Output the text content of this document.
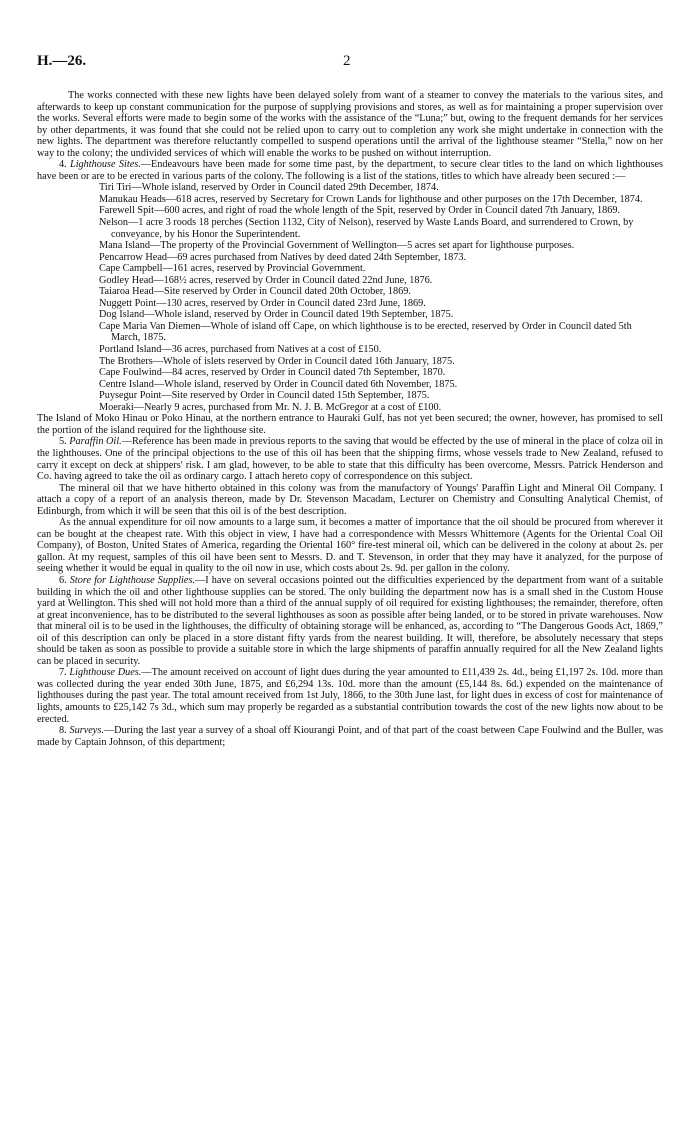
H.—26.	2

The works connected with these new lights have been delayed solely from want of a steamer to convey the materials to the various sites, and afterwards to keep up constant communication for the purpose of supplying provisions and stores, as well as for maintaining a proper supervision over the works. Several efforts were made to begin some of the works with the assistance of the “Luna;” but, owing to the frequent demands for her services by other departments, it was found that she could not be relied upon to carry out to completion any work she might undertake in connection with the new lights. The department was therefore reluctantly compelled to suspend operations until the arrival of the lighthouse steamer “Stella,” now on her way to the colony; the undivided services of which will enable the works to be pushed on without interruption.

4. Lighthouse Sites.—Endeavours have been made for some time past, by the department, to secure clear titles to the land on which lighthouses have been or are to be erected in various parts of the colony. The following is a list of the stations, titles to which have already been secured :—

Tiri Tiri—Whole island, reserved by Order in Council dated 29th December, 1874.

Manukau Heads—618 acres, reserved by Secretary for Crown Lands for lighthouse and other purposes on the 17th December, 1874.

Farewell Spit—600 acres, and right of road the whole length of the Spit, reserved by Order in Council dated 7th January, 1869.

Nelson—1 acre 3 roods 18 perches (Section 1132, City of Nelson), reserved by Waste Lands Board, and surrendered to Crown, by conveyance, by his Honor the Superintendent.

Mana Island—The property of the Provincial Government of Wellington—5 acres set apart for lighthouse purposes.

Pencarrow Head—69 acres purchased from Natives by deed dated 24th September, 1873.

Cape Campbell—161 acres, reserved by Provincial Government.

Godley Head—168½ acres, reserved by Order in Council dated 22nd June, 1876.

Taiaroa Head—Site reserved by Order in Council dated 20th October, 1869.

Nuggett Point—130 acres, reserved by Order in Council dated 23rd June, 1869.

Dog Island—Whole island, reserved by Order in Council dated 19th September, 1875.

Cape Maria Van Diemen—Whole of island off Cape, on which lighthouse is to be erected, reserved by Order in Council dated 5th March, 1875.

Portland Island—36 acres, purchased from Natives at a cost of £150.

The Brothers—Whole of islets reserved by Order in Council dated 16th January, 1875.

Cape Foulwind—84 acres, reserved by Order in Council dated 7th September, 1870.

Centre Island—Whole island, reserved by Order in Council dated 6th November, 1875.

Puysegur Point—Site reserved by Order in Council dated 15th September, 1875.

Moeraki—Nearly 9 acres, purchased from Mr. N. J. B. McGregor at a cost of £100.

The Island of Moko Hinau or Poko Hinau, at the northern entrance to Hauraki Gulf, has not yet been secured; the owner, however, has promised to sell the portion of the island required for the lighthouse site.

5. Paraffin Oil.—Reference has been made in previous reports to the saving that would be effected by the use of mineral in the place of colza oil in the lighthouses. One of the principal objections to the use of this oil has been that the shipping firms, whose vessels trade to New Zealand, refused to carry it except on deck at shippers' risk. I am glad, however, to be able to state that this difficulty has been overcome, Messrs. Patrick Henderson and Co. having agreed to take the oil as ordinary cargo. I attach hereto copy of correspondence on this subject.

The mineral oil that we have hitherto obtained in this colony was from the manufactory of Youngs' Paraffin Light and Mineral Oil Company. I attach a copy of a report of an analysis thereon, made by Dr. Stevenson Macadam, Lecturer on Chemistry and Consulting Analytical Chemist, of Edinburgh, from which it will be seen that this oil is of the best description.

As the annual expenditure for oil now amounts to a large sum, it becomes a matter of importance that the oil should be procured from wherever it can be bought at the cheapest rate. With this object in view, I have had a correspondence with Messrs Whittemore (Agents for the Oriental Coal Oil Company), of Boston, United States of America, regarding the Oriental 160° fire-test mineral oil, which can be delivered in the colony at about 2s. per gallon. At my request, samples of this oil have been sent to Messrs. D. and T. Stevenson, in order that they may have it analyzed, for the purpose of seeing whether it would be equal in quality to the oil now in use, which costs about 2s. 9d. per gallon in the colony.

6. Store for Lighthouse Supplies.—I have on several occasions pointed out the difficulties experienced by the department from want of a suitable building in which the oil and other lighthouse supplies can be stored. The only building the department now has is a small shed in the Custom House yard at Wellington. This shed will not hold more than a third of the annual supply of oil required for existing lighthouses; the remainder, therefore, often at great inconvenience, has to be distributed to the several lighthouses as soon as possible after being landed, or to be stored in private warehouses. Now that mineral oil is to be used in the lighthouses, the difficulty of obtaining storage will be enhanced, as, according to “The Dangerous Goods Act, 1869,” oil of this description can only be placed in a store distant fifty yards from the nearest building. It will, therefore, be absolutely necessary that steps should be taken as soon as possible to provide a suitable store in which the large shipments of paraffin annually required for all the New Zealand lights can be placed in security.

7. Lighthouse Dues.—The amount received on account of light dues during the year amounted to £11,439 2s. 4d., being £1,197 2s. 10d. more than was collected during the year ended 30th June, 1875, and £6,294 13s. 10d. more than the amount (£5,144 8s. 6d.) expended on the maintenance of lighthouses during the past year. The total amount received from 1st July, 1866, to the 30th June last, for light dues in excess of cost for maintenance of lights, amounts to £25,142 7s 3d., which sum may properly be regarded as a substantial contribution towards the cost of the new lights now about to be erected.

8. Surveys.—During the last year a survey of a shoal off Kiourangi Point, and of that part of the coast between Cape Foulwind and the Buller, was made by Captain Johnson, of this department;
